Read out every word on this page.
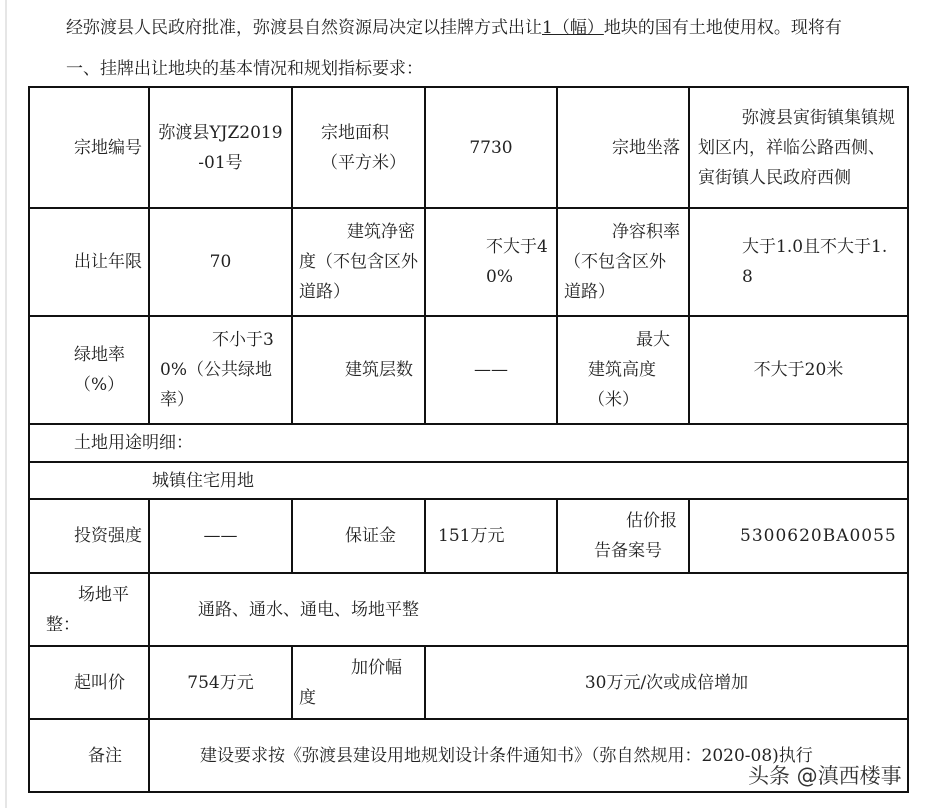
经弥渡县人民政府批准，弥渡县自然资源局决定以挂牌方式出让1（幅）地块的国有土地使用权。现将有
一、挂牌出让地块的基本情况和规划指标要求：
宗地编号	弥渡县YJZ2019-01号	宗地面积（平方米）	7730	宗地坐落	弥渡县寅街镇集镇规划区内，祥临公路西侧、寅街镇人民政府西侧
出让年限	70	建筑净密度（不包含区外道路）	不大于40%	净容积率（不包含区外道路）	大于1.0且不大于1.8
绿地率（%）	不小于30%（公共绿地率）	建筑层数	——	最大建筑高度（米）	不大于20米
土地用途明细：					
城镇住宅用地					
投资强度	——	保证金	151万元	估价报告备案号	5300620BA0055
场地平整：	通路、通水、通电、场地平整				
起叫价	754万元	加价幅度	30万元/次或成倍增加		
备注	建设要求按《弥渡县建设用地规划设计条件通知书》（弥自然规用：2020-08)执行				
头条 @滇西楼事
